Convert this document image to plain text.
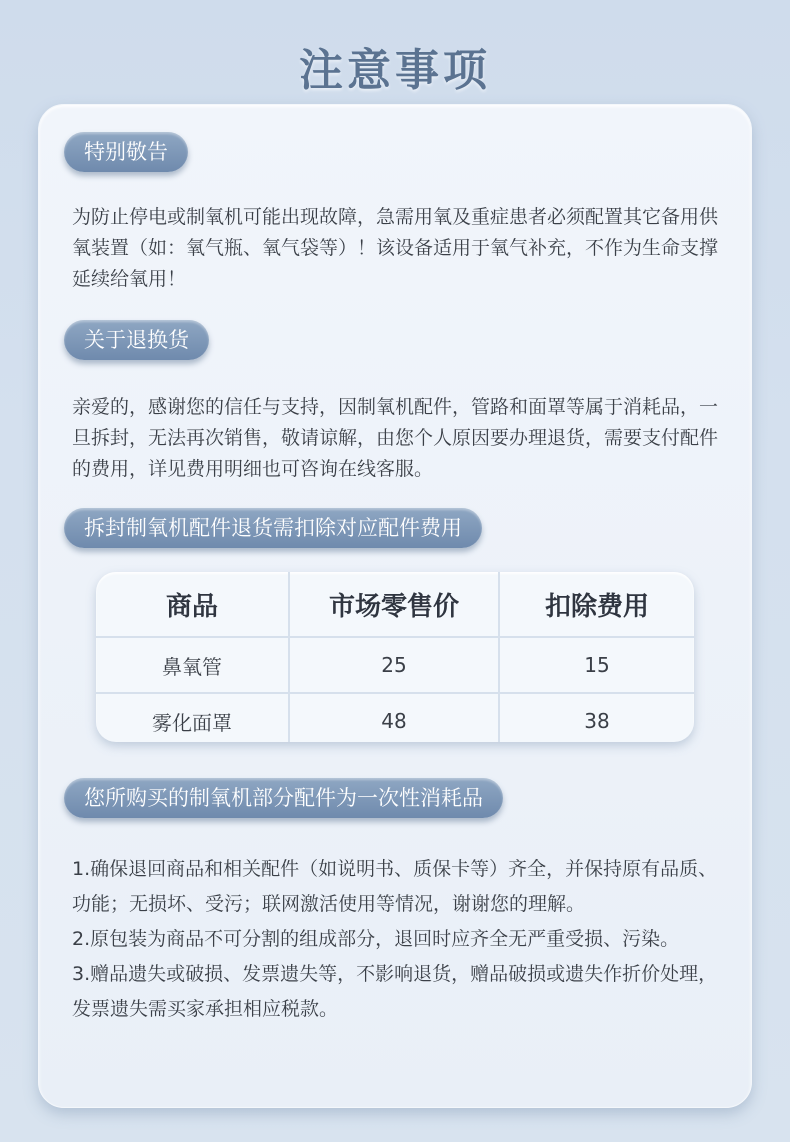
注意事项
特别敬告
为防止停电或制氧机可能出现故障，急需用氧及重症患者必须配置其它备用供氧装置（如：氧气瓶、氧气袋等）！该设备适用于氧气补充，不作为生命支撑延续给氧用！
关于退换货
亲爱的，感谢您的信任与支持，因制氧机配件，管路和面罩等属于消耗品，一旦拆封，无法再次销售，敬请谅解，由您个人原因要办理退货，需要支付配件的费用，详见费用明细也可咨询在线客服。
拆封制氧机配件退货需扣除对应配件费用
商品	市场零售价	扣除费用
鼻氧管	25	15
雾化面罩	48	38
您所购买的制氧机部分配件为一次性消耗品
1.确保退回商品和相关配件（如说明书、质保卡等）齐全，并保持原有品质、功能；无损坏、受污；联网激活使用等情况，谢谢您的理解。
2.原包装为商品不可分割的组成部分，退回时应齐全无严重受损、污染。
3.赠品遗失或破损、发票遗失等，不影响退货，赠品破损或遗失作折价处理，发票遗失需买家承担相应税款。
